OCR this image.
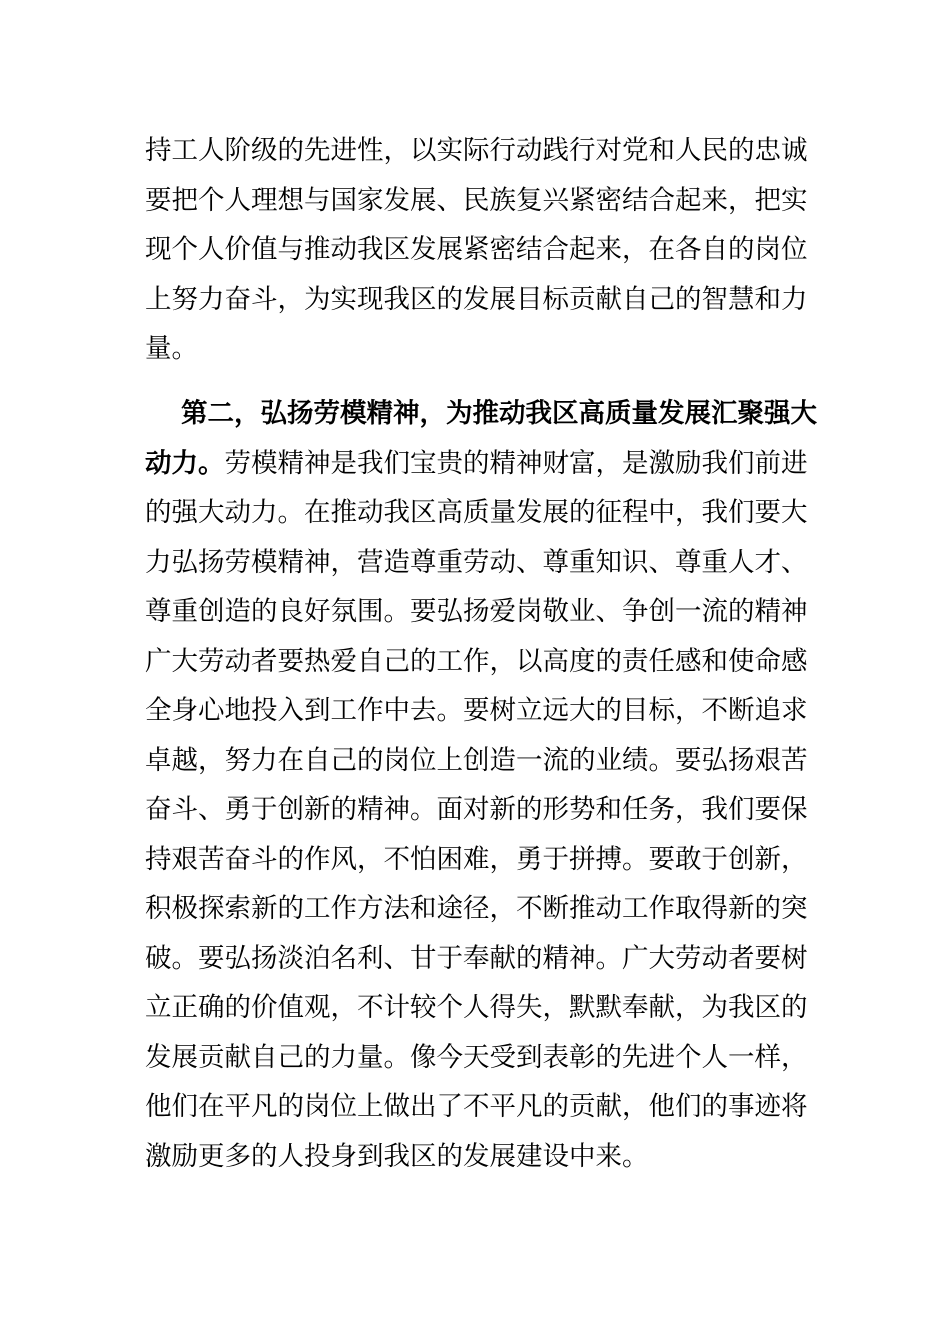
持工人阶级的先进性，以实际行动践行对党和人民的忠诚
要把个人理想与国家发展、民族复兴紧密结合起来，把实
现个人价值与推动我区发展紧密结合起来，在各自的岗位
上努力奋斗，为实现我区的发展目标贡献自己的智慧和力
量。
第二，弘扬劳模精神，为推动我区高质量发展汇聚强大
动力。劳模精神是我们宝贵的精神财富，是激励我们前进
的强大动力。在推动我区高质量发展的征程中，我们要大
力弘扬劳模精神，营造尊重劳动、尊重知识、尊重人才、
尊重创造的良好氛围。要弘扬爱岗敬业、争创一流的精神
广大劳动者要热爱自己的工作，以高度的责任感和使命感
全身心地投入到工作中去。要树立远大的目标，不断追求
卓越，努力在自己的岗位上创造一流的业绩。要弘扬艰苦
奋斗、勇于创新的精神。面对新的形势和任务，我们要保
持艰苦奋斗的作风，不怕困难，勇于拼搏。要敢于创新，
积极探索新的工作方法和途径，不断推动工作取得新的突
破。要弘扬淡泊名利、甘于奉献的精神。广大劳动者要树
立正确的价值观，不计较个人得失，默默奉献，为我区的
发展贡献自己的力量。像今天受到表彰的先进个人一样，
他们在平凡的岗位上做出了不平凡的贡献，他们的事迹将
激励更多的人投身到我区的发展建设中来。
